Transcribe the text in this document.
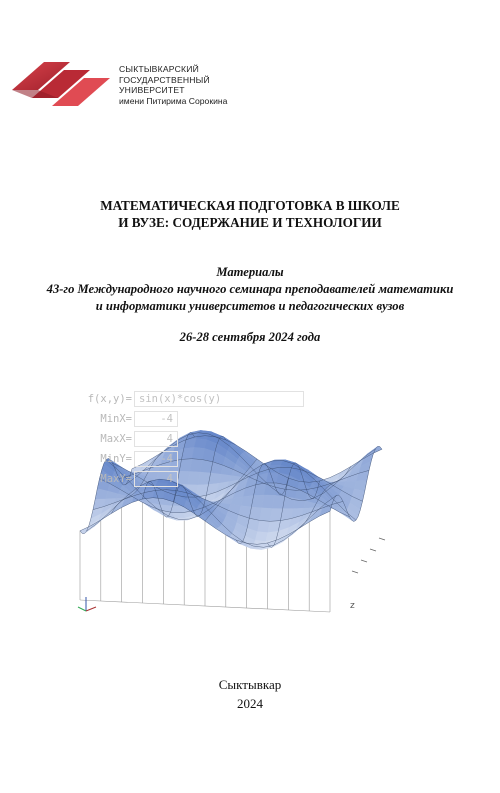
СЫКТЫВКАРСКИЙ
ГОСУДАРСТВЕННЫЙ
УНИВЕРСИТЕТ
имени Питирима Сорокина
МАТЕМАТИЧЕСКАЯ ПОДГОТОВКА В ШКОЛЕ
И ВУЗЕ: СОДЕРЖАНИЕ И ТЕХНОЛОГИИ
Материалы
43-го Международного научного семинара преподавателей математики
и информатики университетов и педагогических вузов
26-28 сентября 2024 года
z
f(x,y)= sin(x)*cos(y)
MinX=	-4
MaxX=	4
MinY=	-4
MaxY=	4
Сыктывкар
2024
